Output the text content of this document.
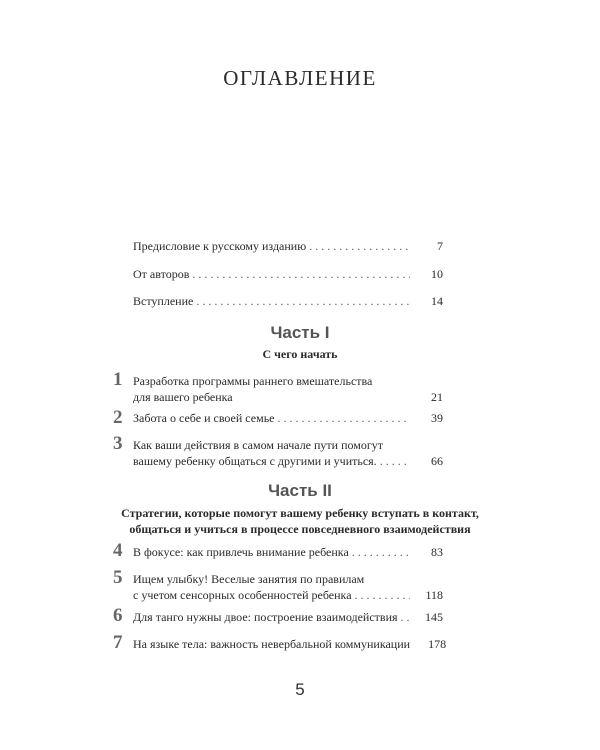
ОГЛАВЛЕНИЕ
Предисловие к русскому изданию . . .	7
От авторов . . .	10
Вступление . . .	14
Часть I
С чего начать
1 Разработка программы раннего вмешательства
для вашего ребенка	21
2 Забота о себе и своей семье . . .	39
3 Как ваши действия в самом начале пути помогут
вашему ребенку общаться с другими и учиться. . . .	66
Часть II
Стратегии, которые помогут вашему ребенку вступать в контакт, общаться и учиться в процессе повседневного взаимодействия
4 В фокусе: как привлечь внимание ребенка . . .	83
5 Ищем улыбку! Веселые занятия по правилам
с учетом сенсорных особенностей ребенка . . .	118
6 Для танго нужны двое: построение взаимодействия . . .	145
7 На языке тела: важность невербальной коммуникации	178
5
